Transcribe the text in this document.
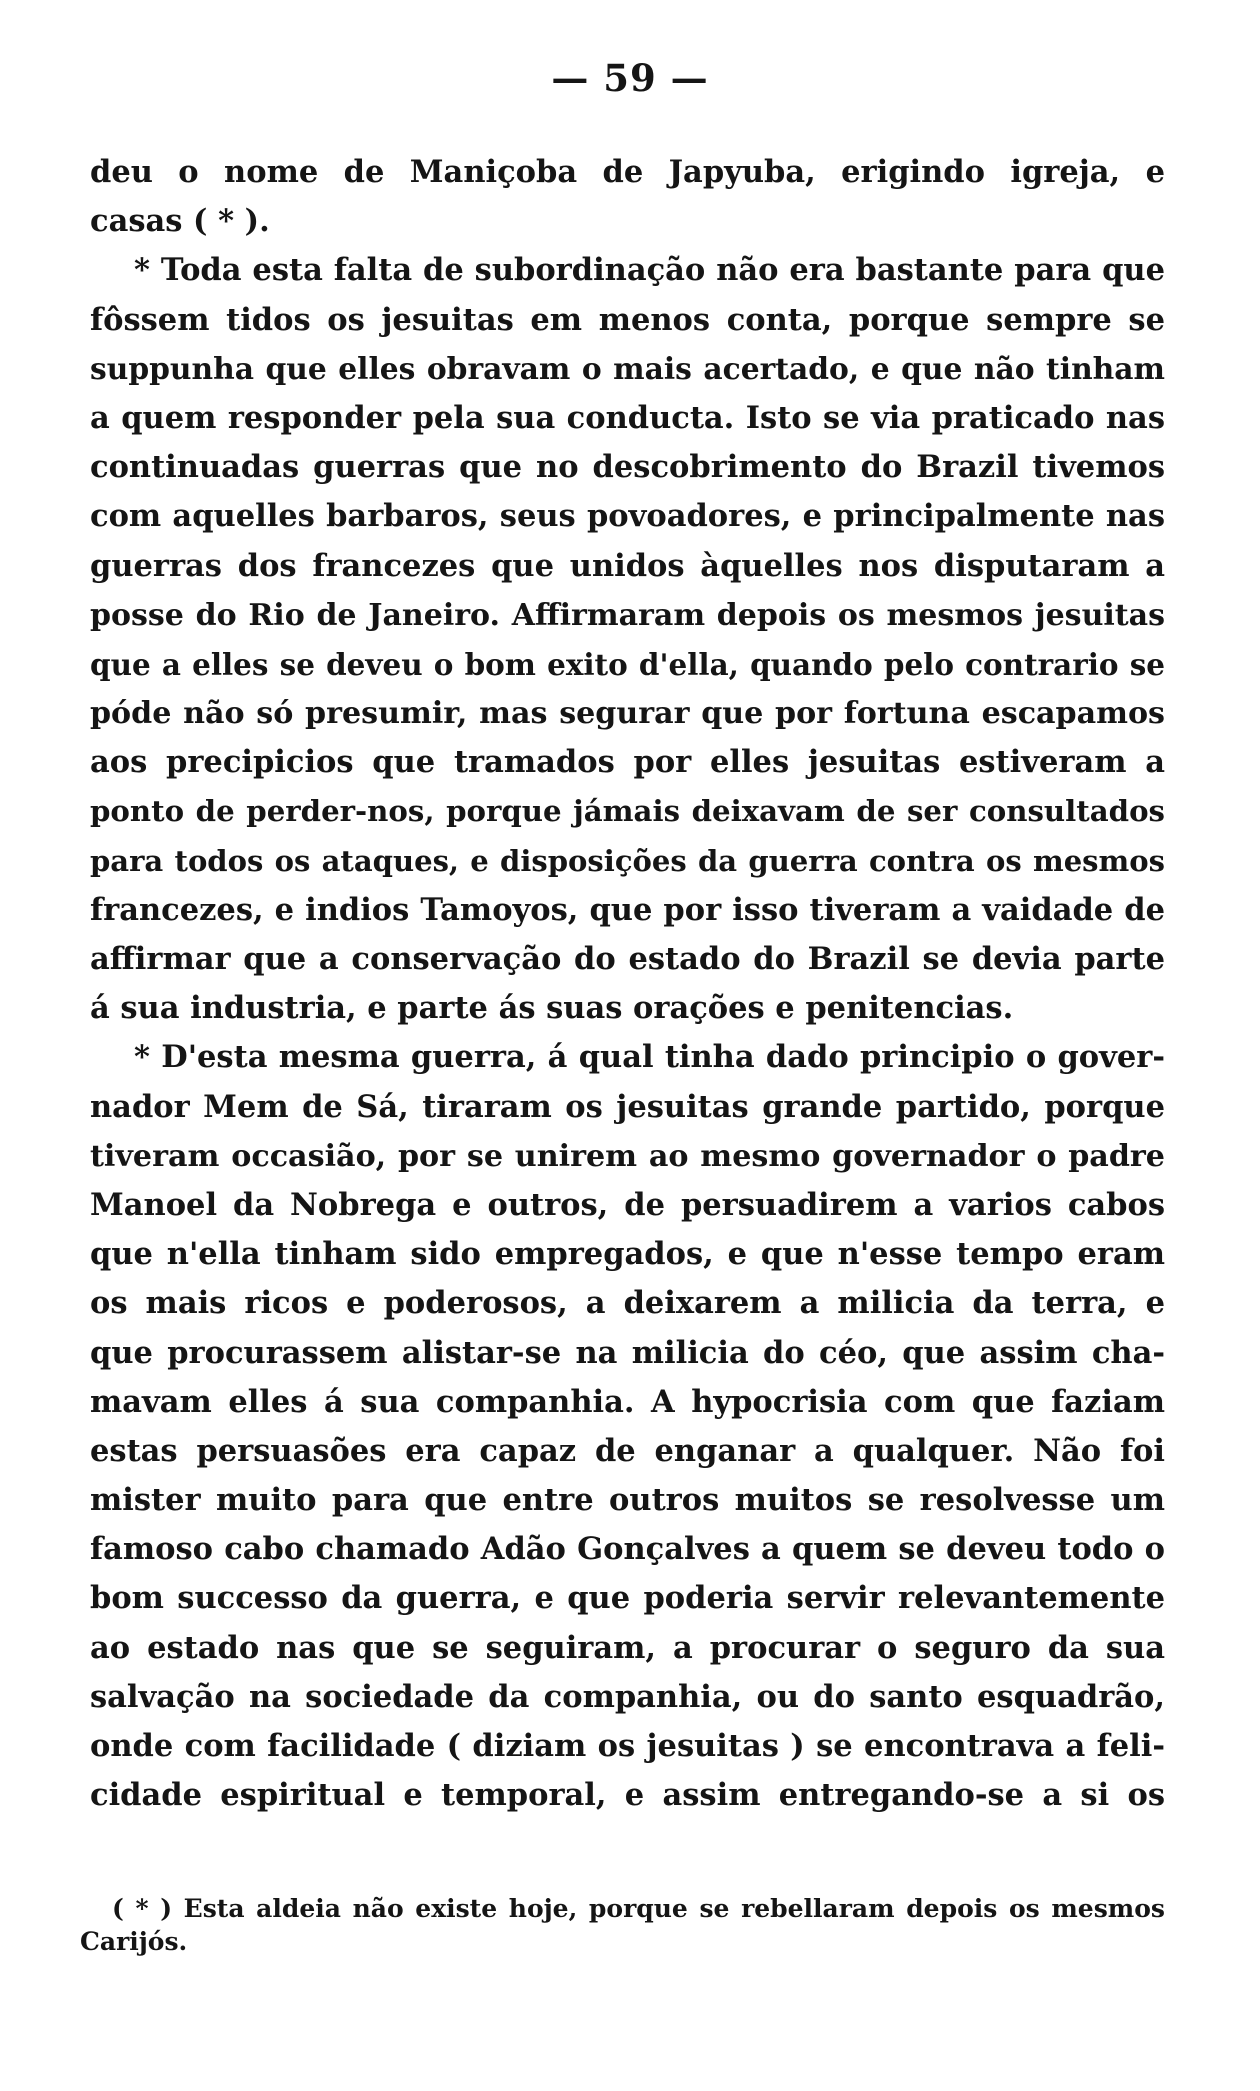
— 59 —
deu o nome de Maniçoba de Japyuba, erigindo igreja, e
casas ( * ).
* Toda esta falta de subordinação não era bastante para que
fôssem tidos os jesuitas em menos conta, porque sempre se
suppunha que elles obravam o mais acertado, e que não tinham
a quem responder pela sua conducta. Isto se via praticado nas
continuadas guerras que no descobrimento do Brazil tivemos
com aquelles barbaros, seus povoadores, e principalmente nas
guerras dos francezes que unidos àquelles nos disputaram a
posse do Rio de Janeiro. Affirmaram depois os mesmos jesuitas
que a elles se deveu o bom exito d'ella, quando pelo contrario se
póde não só presumir, mas segurar que por fortuna escapamos
aos precipicios que tramados por elles jesuitas estiveram a
ponto de perder-nos, porque jámais deixavam de ser consultados
para todos os ataques, e disposições da guerra contra os mesmos
francezes, e indios Tamoyos, que por isso tiveram a vaidade de
affirmar que a conservação do estado do Brazil se devia parte
á sua industria, e parte ás suas orações e penitencias.
* D'esta mesma guerra, á qual tinha dado principio o gover-
nador Mem de Sá, tiraram os jesuitas grande partido, porque
tiveram occasião, por se unirem ao mesmo governador o padre
Manoel da Nobrega e outros, de persuadirem a varios cabos
que n'ella tinham sido empregados, e que n'esse tempo eram
os mais ricos e poderosos, a deixarem a milicia da terra, e
que procurassem alistar-se na milicia do céo, que assim cha-
mavam elles á sua companhia. A hypocrisia com que faziam
estas persuasões era capaz de enganar a qualquer. Não foi
mister muito para que entre outros muitos se resolvesse um
famoso cabo chamado Adão Gonçalves a quem se deveu todo o
bom successo da guerra, e que poderia servir relevantemente
ao estado nas que se seguiram, a procurar o seguro da sua
salvação na sociedade da companhia, ou do santo esquadrão,
onde com facilidade ( diziam os jesuitas ) se encontrava a feli-
cidade espiritual e temporal, e assim entregando-se a si os
( * ) Esta aldeia não existe hoje, porque se rebellaram depois os mesmos
Carijós.
